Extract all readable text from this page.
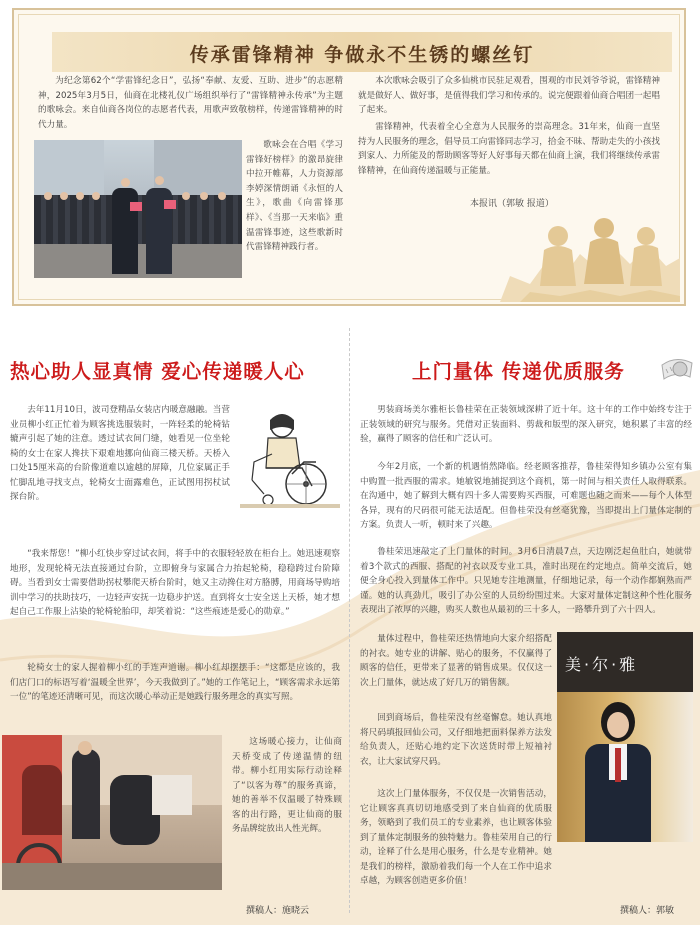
传承雷锋精神 争做永不生锈的螺丝钉

为纪念第62个“学雷锋纪念日”，弘扬“奉献、友爱、互助、进步”的志愿精神，2025年3月5日，仙商在北楼礼仪广场组织举行了“雷锋精神永传承”为主题的歌咏会。来自仙商各岗位的志愿者代表，用歌声致敬榜样，传递雷锋精神的时代力量。

歌咏会在合唱《学习雷锋好榜样》的激昂旋律中拉开帷幕，人力资源部李婷深情朗诵《永恒的人生》，歌曲《向雷锋那样》、《当那一天来临》重温雷锋事迹，这些歌新时代雷锋精神践行者。

本次歌咏会吸引了众多仙桃市民驻足观看，围观的市民刘爷爷说，雷锋精神就是做好人、做好事，是值得我们学习和传承的。说完便跟着仙商合唱团一起唱了起来。

雷锋精神，代表着全心全意为人民服务的崇高理念。31年来，仙商一直坚持为人民服务的理念，倡导员工向雷锋同志学习，拾金不昧、帮助走失的小孩找到家人、力所能及的帮助顾客等好人好事每天都在仙商上演，我们将继续传承雷锋精神，在仙商传递温暖与正能量。

本报讯（郭敏 报道）
热心助人显真情 爱心传递暖人心

去年11月10日，波司登精品女装店内暖意融融。当营业员柳小红正忙着为顾客挑选服装时，一阵轻柔的轮椅钻辘声引起了她的注意。透过试衣间门缝，她看见一位坐轮椅的女士在家人搀扶下艰难地挪向仙商三楼天桥。天桥入口处15厘米高的台阶像道难以逾越的屏障，几位家属正手忙脚乱地寻找支点，轮椅女士面露难色，正试图用拐杖试探台阶。

“我来帮您！”柳小红快步穿过试衣间，将手中的衣服轻轻放在柜台上。她迅速观察地形，发现轮椅无法直接通过台阶，立即俯身与家属合力抬起轮椅，稳稳跨过台阶障碍。当看到女士需要借助拐杖攀爬天桥台阶时，她又主动搀住对方胳膊，用商场导购培训中学习的扶助技巧，一边轻声安抚一边稳步护送。直到将女士安全送上天桥，她才想起自己工作服上沾染的轮椅轮胎印，却笑着说：“这些痕迹是爱心的勋章。”

轮椅女士的家人握着柳小红的手连声道谢。柳小红却摆摆手：“这都是应该的，我们店门口的标语写着‘温暖全世界’，今天我做到了。”她的工作笔记上，“顾客需求永远第一位”的笔迹还清晰可见，而这次暖心举动正是她践行服务理念的真实写照。

这场暖心接力，让仙商天桥变成了传递温情的纽带。柳小红用实际行动诠释了“以客为尊”的服务真谛，她的善举不仅温暖了特殊顾客的出行路，更让仙商的服务品牌绽放出人性光辉。

撰稿人：施晓云
上门量体 传递优质服务

男装商场美尔雅柜长鲁桂荣在正装领域深耕了近十年。这十年的工作中始终专注于正装领域的研究与服务。凭借对正装面料、剪裁和版型的深入研究，她积累了丰富的经验，赢得了顾客的信任和广泛认可。

今年2月底，一个新的机遇悄然降临。经老顾客推荐，鲁桂荣得知乡镇办公室有集中购置一批西服的需求。她敏锐地捕捉到这个商机，第一时间与相关责任人取得联系。在沟通中，她了解到大概有四十多人需要购买西服，可难题也随之而来——每个人体型各异，现有的尺码很可能无法适配。但鲁桂荣没有丝毫犹豫，当即提出上门量体定制的方案。负责人一听，顿时来了兴趣。

鲁桂荣迅速敲定了上门量体的时间。3月6日清晨7点，天边刚泛起鱼肚白，她就带着3个款式的西服、搭配的衬衣以及专业工具，准时出现在约定地点。简单交流后，她便全身心投入到量体工作中。只见她专注地测量，仔细地记录，每一个动作都娴熟而严谨。她的认真劲儿，吸引了办公室的人员纷纷围过来。大家对量体定制这种个性化服务表现出了浓厚的兴趣，购买人数也从最初的三十多人，一路攀升到了六十四人。

量体过程中，鲁桂荣还热情地向大家介绍搭配的衬衣。她专业的讲解、贴心的服务，不仅赢得了顾客的信任，更带来了显著的销售成果。仅仅这一次上门量体，就达成了好几万的销售额。

回到商场后，鲁桂荣没有丝毫懈怠。她认真地将尺码填报回仙公司，又仔细地把面料保养方法发给负责人，还贴心地约定下次送货时带上短袖衬衣，让大家试穿尺码。

这次上门量体服务，不仅仅是一次销售活动，它让顾客真真切切地感受到了来自仙商的优质服务，领略到了我们员工的专业素养，也让顾客体验到了量体定制服务的独特魅力。鲁桂荣用自己的行动，诠释了什么是用心服务，什么是专业精神。她是我们的榜样，激励着我们每一个人在工作中追求卓越，为顾客创造更多价值！

美·尔·雅
撰稿人：郭敏
